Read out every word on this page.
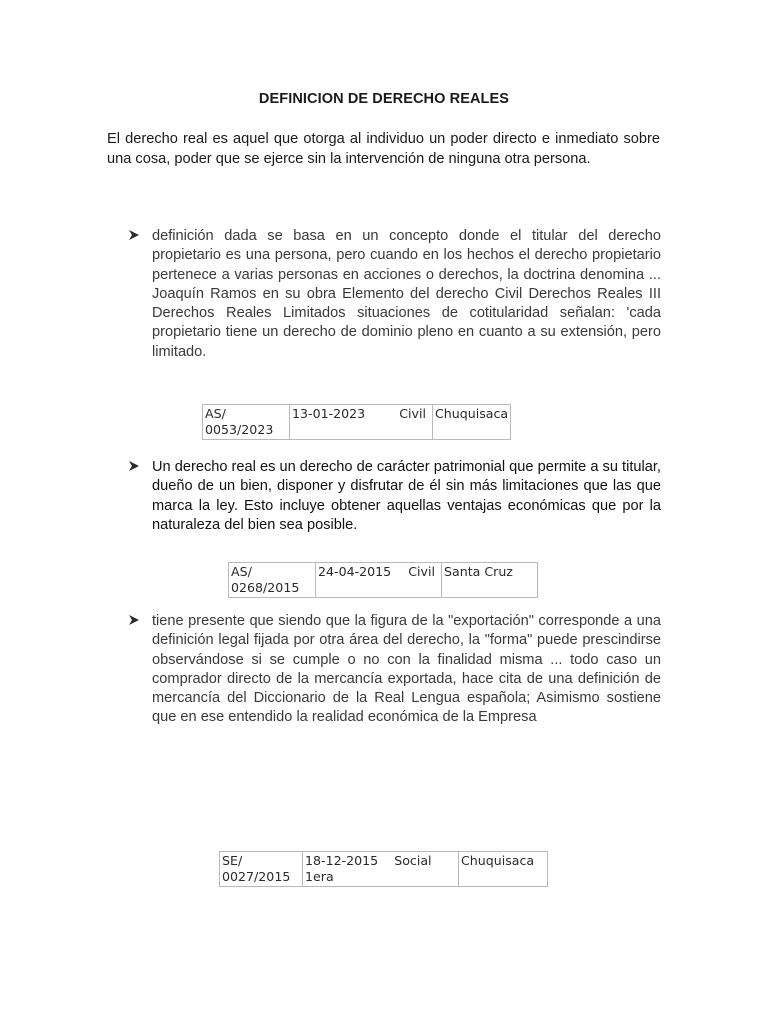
DEFINICION DE DERECHO REALES
El derecho real es aquel que otorga al individuo un poder directo e inmediato sobre una cosa, poder que se ejerce sin la intervención de ninguna otra persona.
definición dada se basa en un concepto donde el titular del derecho propietario es una persona, pero cuando en los hechos el derecho propietario pertenece a varias personas en acciones o derechos, la doctrina denomina ... Joaquín Ramos en su obra Elemento del derecho Civil Derechos Reales III Derechos Reales Limitados situaciones de cotitularidad señalan: 'cada propietario tiene un derecho de dominio pleno en cuanto a su extensión, pero limitado.
AS/ 0053/2023	13-01-2023	Civil	Chuquisaca
Un derecho real es un derecho de carácter patrimonial que permite a su titular, dueño de un bien, disponer y disfrutar de él sin más limitaciones que las que marca la ley. Esto incluye obtener aquellas ventajas económicas que por la naturaleza del bien sea posible.
AS/ 0268/2015	24-04-2015 Civil	Santa Cruz
tiene presente que siendo que la figura de la "exportación" corresponde a una definición legal fijada por otra área del derecho, la "forma" puede prescindirse observándose si se cumple o no con la finalidad misma ... todo caso un comprador directo de la mercancía exportada, hace cita de una definición de mercancía del Diccionario de la Real Lengua española; Asimismo sostiene que en ese entendido la realidad económica de la Empresa
SE/ 0027/2015	18-12-2015 Social 1era	Chuquisaca
